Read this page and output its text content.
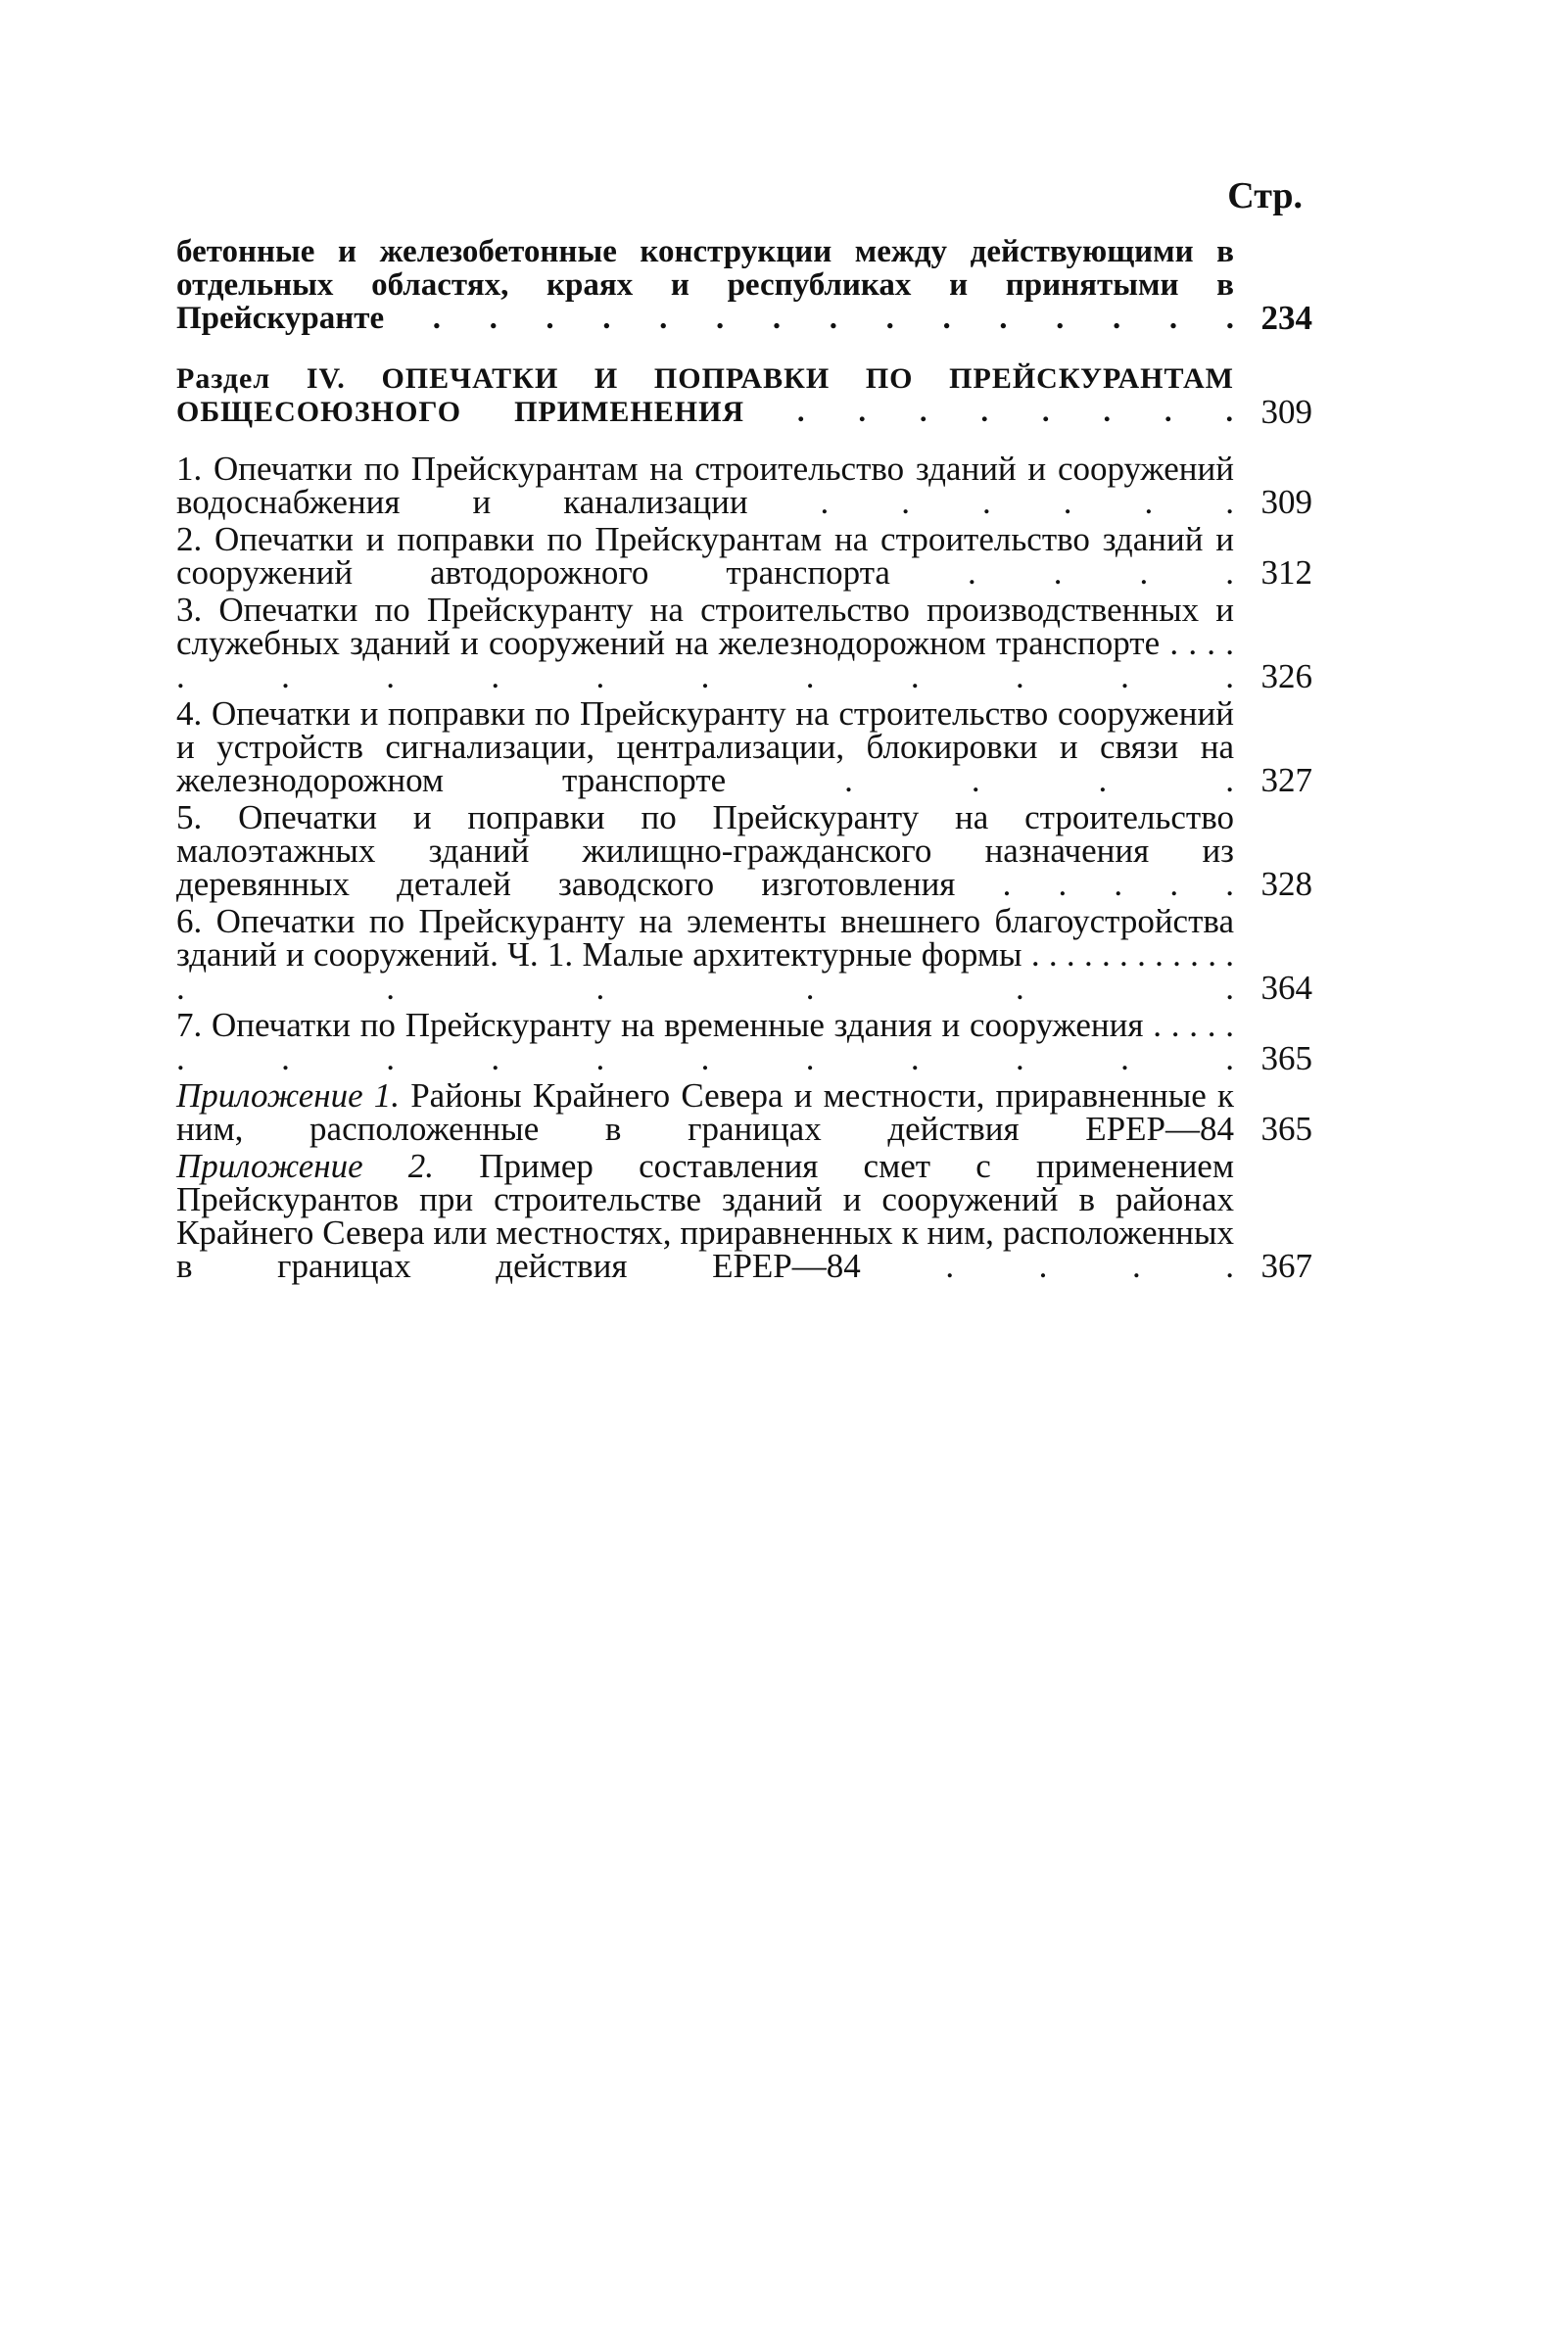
Стр.
бетонные и железобетонные конструкции между действующими в отдельных областях, краях и республиках и принятыми в Прейскуранте . . . . . . . . . . . . . . . 234
Раздел IV. ОПЕЧАТКИ И ПОПРАВКИ ПО ПРЕЙСКУРАНТАМ ОБЩЕСОЮЗНОГО ПРИМЕНЕНИЯ . . . . . . . . 309
1. Опечатки по Прейскурантам на строительство зданий и сооружений водоснабжения и канализации . . . . . . 309
2. Опечатки и поправки по Прейскурантам на строительство зданий и сооружений автодорожного транспорта . . . . 312
3. Опечатки по Прейскуранту на строительство производственных и служебных зданий и сооружений на железнодорожном транспорте . . . . . . . . . . . . . . . 326
4. Опечатки и поправки по Прейскуранту на строительство сооружений и устройств сигнализации, централизации, блокировки и связи на железнодорожном транспорте . . . . 327
5. Опечатки и поправки по Прейскуранту на строительство малоэтажных зданий жилищно-гражданского назначения из деревянных деталей заводского изготовления . . . . . 328
6. Опечатки по Прейскуранту на элементы внешнего благоустройства зданий и сооружений. Ч. 1. Малые архитектурные формы . . . . . . . . . . . . . . . . . . 364
7. Опечатки по Прейскуранту на временные здания и сооружения . . . . . . . . . . . . . . . . 365
Приложение 1. Районы Крайнего Севера и местности, приравненные к ним, расположенные в границах действия ЕРЕР—84 365
Приложение 2. Пример составления смет с применением Прейскурантов при строительстве зданий и сооружений в районах Крайнего Севера или местностях, приравненных к ним, расположенных в границах действия ЕРЕР—84 . . . . 367
